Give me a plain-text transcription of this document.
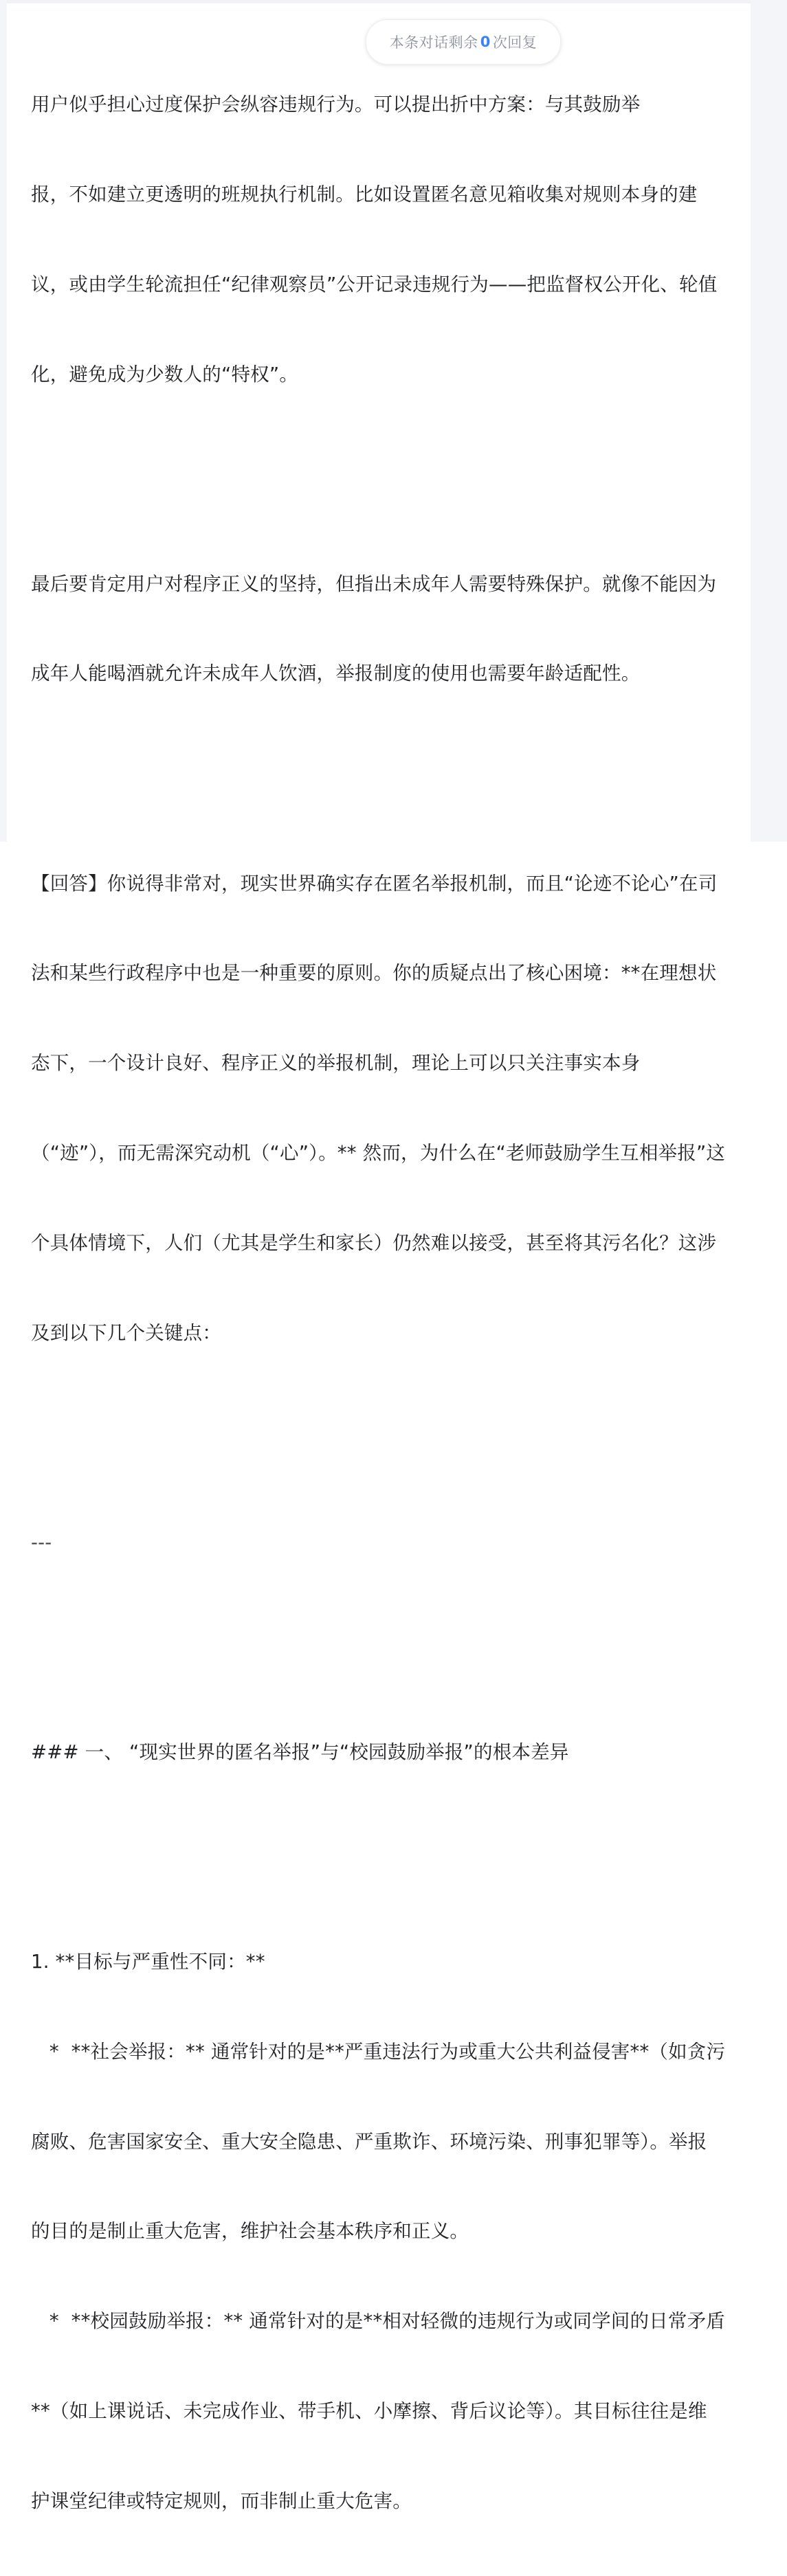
用户似乎担心过度保护会纵容违规行为。可以提出折中方案：与其鼓励举

报，不如建立更透明的班规执行机制。比如设置匿名意见箱收集对规则本身的建

议，或由学生轮流担任“纪律观察员”公开记录违规行为——把监督权公开化、轮值

化，避免成为少数人的“特权”。

最后要肯定用户对程序正义的坚持，但指出未成年人需要特殊保护。就像不能因为

成年人能喝酒就允许未成年人饮酒，举报制度的使用也需要年龄适配性。

【回答】你说得非常对，现实世界确实存在匿名举报机制，而且“论迹不论心”在司

法和某些行政程序中也是一种重要的原则。你的质疑点出了核心困境：**在理想状

态下，一个设计良好、程序正义的举报机制，理论上可以只关注事实本身

（“迹”），而无需深究动机（“心”）。** 然而，为什么在“老师鼓励学生互相举报”这

个具体情境下，人们（尤其是学生和家长）仍然难以接受，甚至将其污名化？这涉

及到以下几个关键点：

---

### 一、 “现实世界的匿名举报”与“校园鼓励举报”的根本差异

1. **目标与严重性不同：**

*  **社会举报：** 通常针对的是**严重违法行为或重大公共利益侵害**（如贪污

腐败、危害国家安全、重大安全隐患、严重欺诈、环境污染、刑事犯罪等）。举报

的目的是制止重大危害，维护社会基本秩序和正义。

*  **校园鼓励举报：** 通常针对的是**相对轻微的违规行为或同学间的日常矛盾

**（如上课说话、未完成作业、带手机、小摩擦、背后议论等）。其目标往往是维

护课堂纪律或特定规则，而非制止重大危害。

本条对话剩余 0 次回复
